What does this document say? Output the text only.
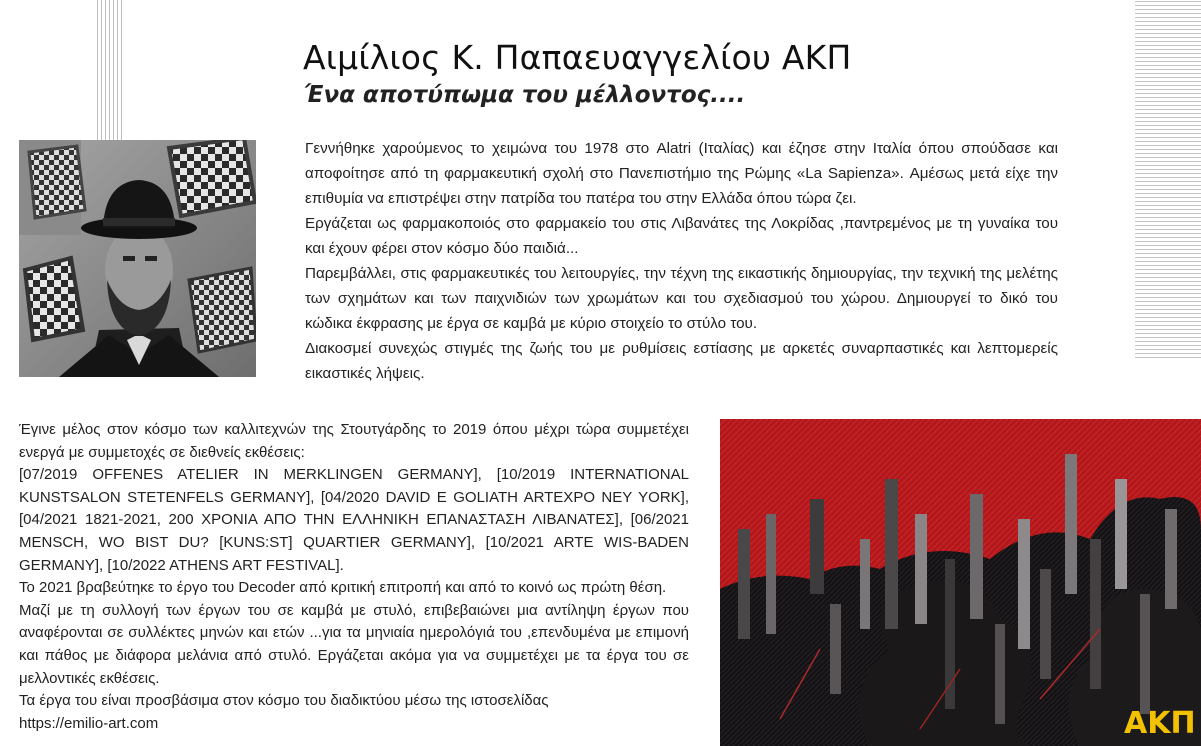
Αιμίλιος Κ. Παπαευαγγελίου ΑΚΠ
Ένα αποτύπωμα του μέλλοντος....

Γεννήθηκε χαρούμενος το χειμώνα του 1978 στο Alatri (Ιταλίας) και έζησε στην Ιταλία όπου σπούδασε και αποφοίτησε από τη φαρμακευτική σχολή στο Πανεπιστήμιο της Ρώμης «La Sapienza». Αμέσως μετά είχε την επιθυμία να επιστρέψει στην πατρίδα του πατέρα του στην Ελλάδα όπου τώρα ζει.

Εργάζεται ως φαρμακοποιός στο φαρμακείο του στις Λιβανάτες της Λοκρίδας ,παντρεμένος με τη γυναίκα του και έχουν φέρει στον κόσμο δύο παιδιά...

Παρεμβάλλει, στις φαρμακευτικές του λειτουργίες, την τέχνη της εικαστικής δημιουργίας, την τεχνική της μελέτης των σχημάτων και των παιχνιδιών των χρωμάτων και του σχεδιασμού του χώρου. Δημιουργεί το δικό του κώδικα έκφρασης με έργα σε καμβά με κύριο στοιχείο το στύλο του.

Διακοσμεί συνεχώς στιγμές της ζωής του με ρυθμίσεις εστίασης με αρκετές συναρπαστικές και λεπτομερείς εικαστικές λήψεις.

Έγινε μέλος στον κόσμο των καλλιτεχνών της Στουτγάρδης το 2019 όπου μέχρι τώρα συμμετέχει ενεργά με συμμετοχές σε διεθνείς εκθέσεις:

[07/2019 OFFENES ATELIER IN MERKLINGEN GERMANY], [10/2019 INTERNATIONAL KUNSTSALON STETENFELS GERMANY], [04/2020 DAVID E GOLIATH ARTEXPO NEY YORK], [04/2021 1821-2021, 200 ΧΡΟΝΙΑ ΑΠΟ ΤΗΝ ΕΛΛΗΝΙΚΗ ΕΠΑΝΑΣΤΑΣΗ ΛΙΒΑΝΑΤΕΣ], [06/2021 MENSCH, WO BIST DU? [KUNS:ST] QUARTIER GERMANY], [10/2021 ARTE WIS-BADEN GERMANY], [10/2022 ATHENS ART FESTIVAL].

Το 2021 βραβεύτηκε το έργο του Decoder από κριτική επιτροπή και από το κοινό ως πρώτη θέση.

Μαζί με τη συλλογή των έργων του σε καμβά με στυλό, επιβεβαιώνει μια αντίληψη έργων που αναφέρονται σε συλλέκτες μηνών και ετών ...για τα μηνιαία ημερολόγιά του ,επενδυμένα με επιμονή και πάθος με διάφορα μελάνια από στυλό. Εργάζεται ακόμα για να συμμετέχει με τα έργα του σε μελλοντικές εκθέσεις.

Τα έργα του είναι προσβάσιμα στον κόσμο του διαδικτύου μέσω της ιστοσελίδας

https://emilio-art.com	ΑΚΠ
